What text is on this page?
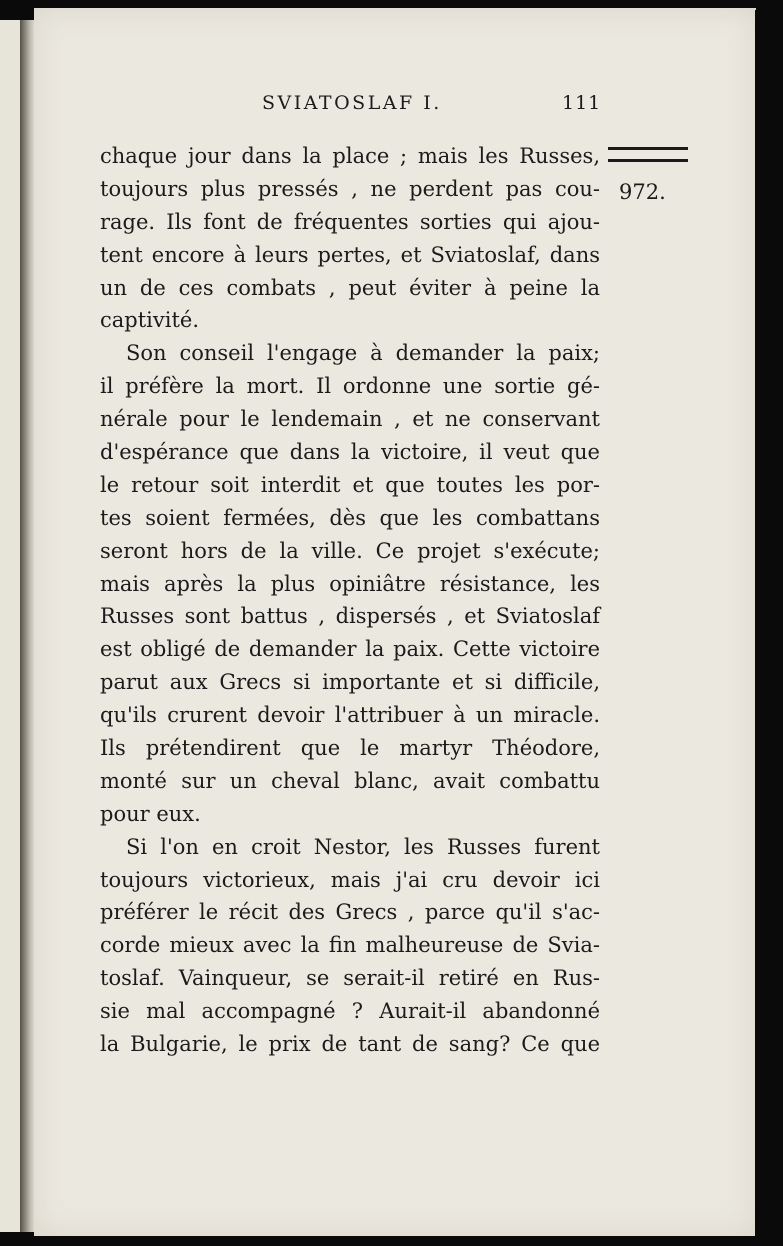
SVIATOSLAF I.	111
972.
chaque jour dans la place ; mais les Russes,
toujours plus pressés , ne perdent pas cou-
rage. Ils font de fréquentes sorties qui ajou-
tent encore à leurs pertes, et Sviatoslaf, dans
un de ces combats , peut éviter à peine la
captivité.
Son conseil l'engage à demander la paix;
il préfère la mort. Il ordonne une sortie gé-
nérale pour le lendemain , et ne conservant
d'espérance que dans la victoire, il veut que
le retour soit interdit et que toutes les por-
tes soient fermées, dès que les combattans
seront hors de la ville. Ce projet s'exécute;
mais après la plus opiniâtre résistance, les
Russes sont battus , dispersés , et Sviatoslaf
est obligé de demander la paix. Cette victoire
parut aux Grecs si importante et si difficile,
qu'ils crurent devoir l'attribuer à un miracle.
Ils prétendirent que le martyr Théodore,
monté sur un cheval blanc, avait combattu
pour eux.
Si l'on en croit Nestor, les Russes furent
toujours victorieux, mais j'ai cru devoir ici
préférer le récit des Grecs , parce qu'il s'ac-
corde mieux avec la fin malheureuse de Svia-
toslaf. Vainqueur, se serait-il retiré en Rus-
sie mal accompagné ? Aurait-il abandonné
la Bulgarie, le prix de tant de sang? Ce que
